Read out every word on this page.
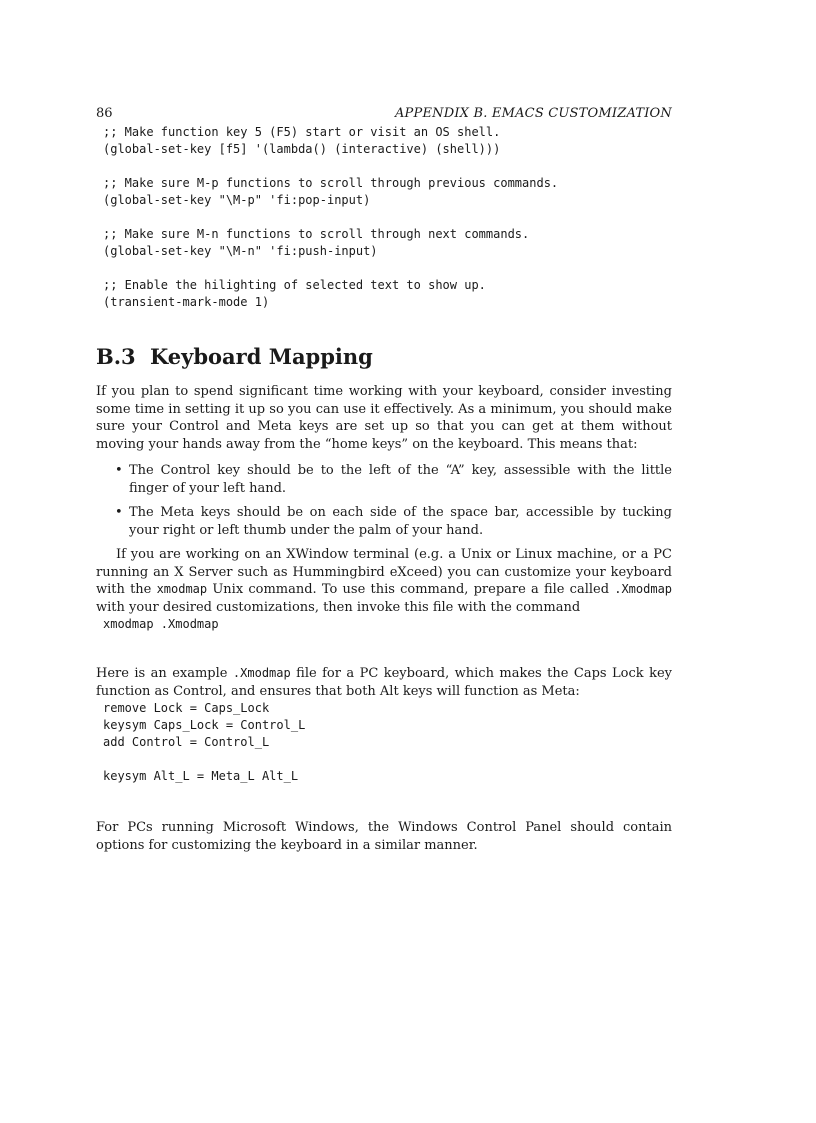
86	APPENDIX B. EMACS CUSTOMIZATION
;; Make function key 5 (F5) start or visit an OS shell.
(global-set-key [f5] '(lambda() (interactive) (shell)))
;; Make sure M-p functions to scroll through previous commands.
(global-set-key "\M-p" 'fi:pop-input)
;; Make sure M-n functions to scroll through next commands.
(global-set-key "\M-n" 'fi:push-input)
;; Enable the hilighting of selected text to show up.
(transient-mark-mode 1)
B.3 Keyboard Mapping

If you plan to spend significant time working with your keyboard, consider investing some time in setting it up so you can use it effectively. As a minimum, you should make sure your Control and Meta keys are set up so that you can get at them without moving your hands away from the “home keys” on the keyboard. This means that:

• The Control key should be to the left of the “A” key, assessible with the little finger of your left hand.
• The Meta keys should be on each side of the space bar, accessible by tucking your right or left thumb under the palm of your hand.

If you are working on an XWindow terminal (e.g. a Unix or Linux machine, or a PC running an X Server such as Hummingbird eXceed) you can customize your keyboard with the xmodmap Unix command. To use this command, prepare a file called .Xmodmap with your desired customizations, then invoke this file with the command

xmodmap .Xmodmap

Here is an example .Xmodmap file for a PC keyboard, which makes the Caps Lock key function as Control, and ensures that both Alt keys will function as Meta:

remove Lock = Caps_Lock
keysym Caps_Lock = Control_L
add Control = Control_L
keysym Alt_L = Meta_L Alt_L

For PCs running Microsoft Windows, the Windows Control Panel should contain options for customizing the keyboard in a similar manner.
